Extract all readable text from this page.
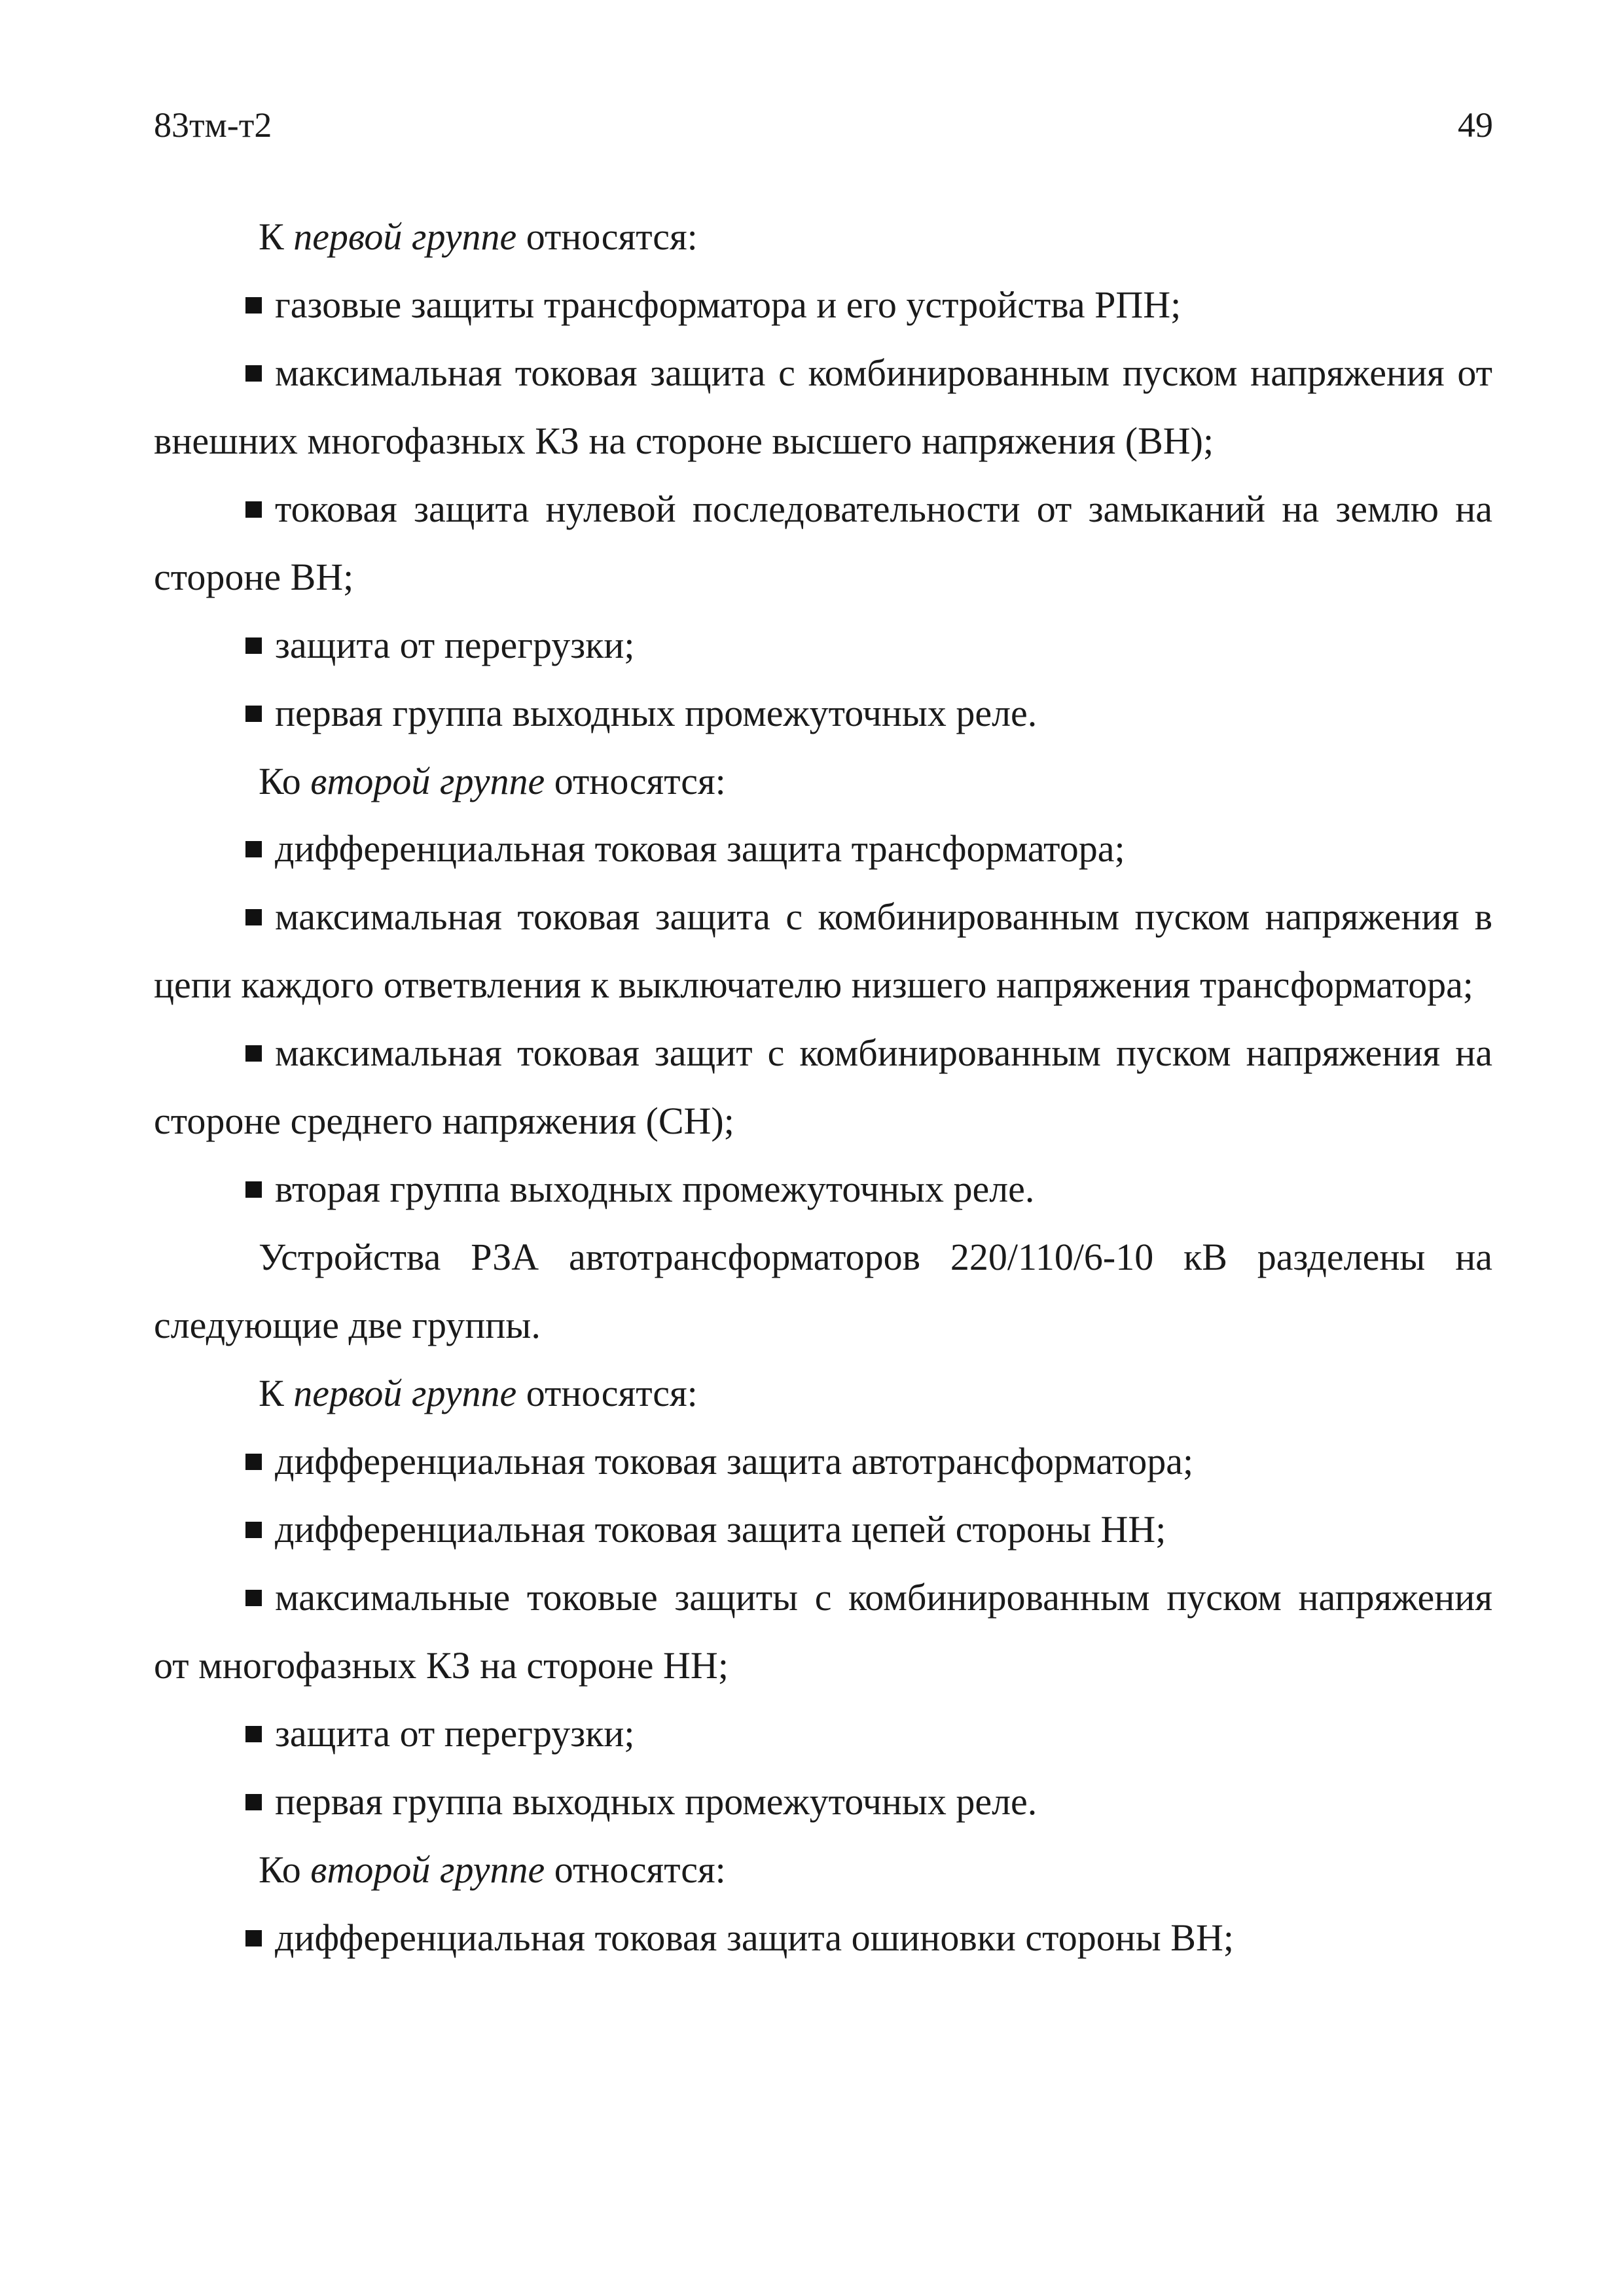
83тм-т2	49

К первой группе относятся:

газовые защиты трансформатора и его устройства РПН;

максимальная токовая защита с комбинированным пуском напряжения от внешних многофазных КЗ на стороне высшего напряжения (ВН);

токовая защита нулевой последовательности от замыканий на землю на стороне ВН;

защита от перегрузки;

первая группа выходных промежуточных реле.

Ко второй группе относятся:

дифференциальная токовая защита трансформатора;

максимальная токовая защита с комбинированным пуском напряжения в цепи каждого ответвления к выключателю низшего напряжения трансформатора;

максимальная токовая защит с комбинированным пуском напряжения на стороне среднего напряжения (СН);

вторая группа выходных промежуточных реле.

Устройства РЗА автотрансформаторов 220/110/6-10 кВ разделены на следующие две группы.

К первой группе относятся:

дифференциальная токовая защита автотрансформатора;

дифференциальная токовая защита цепей стороны НН;

максимальные токовые защиты с комбинированным пуском напряжения от многофазных КЗ на стороне НН;

защита от перегрузки;

первая группа выходных промежуточных реле.

Ко второй группе относятся:

дифференциальная токовая защита ошиновки стороны ВН;
